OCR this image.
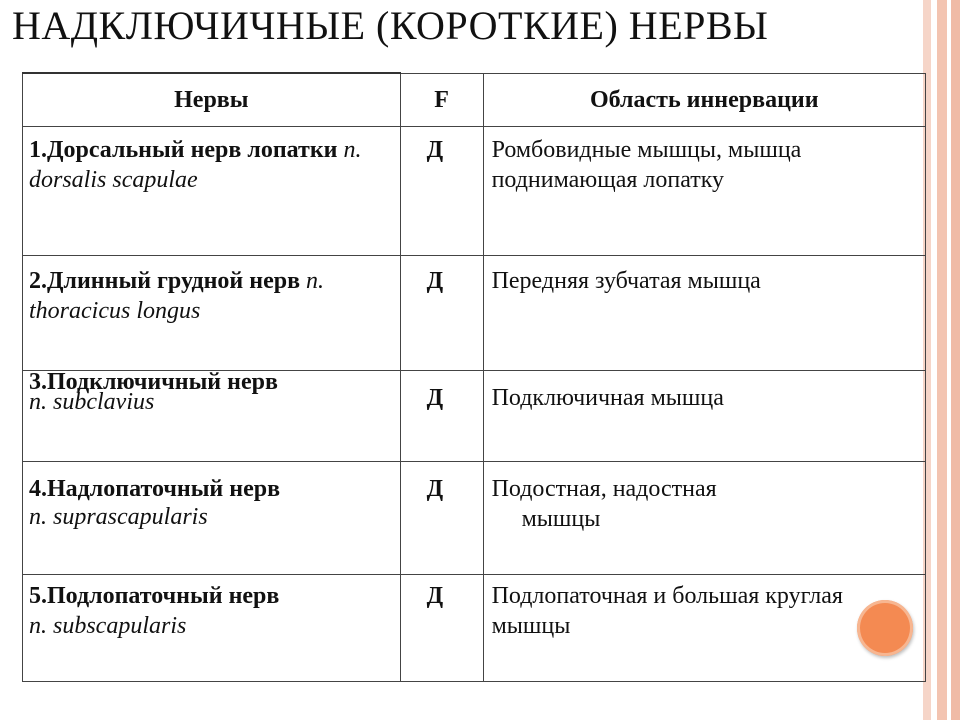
НАДКЛЮЧИЧНЫЕ (КОРОТКИЕ) НЕРВЫ
Нервы	F	Область иннервации
1.Дорсальный нерв лопатки n. dorsalis scapulae	Д	Ромбовидные мышцы, мышца поднимающая лопатку
2.Длинный грудной нерв n. thoracicus longus	Д	Передняя зубчатая мышца

3.Подключичный нерв
n. subclavius	Д	Подключичная мышца

4.Надлопаточный нерв
n. suprascapularis	Д	Подостная, надостная
мышцы

5.Подлопаточный нерв
n. subscapularis	Д	Подлопаточная и большая круглая мышцы
